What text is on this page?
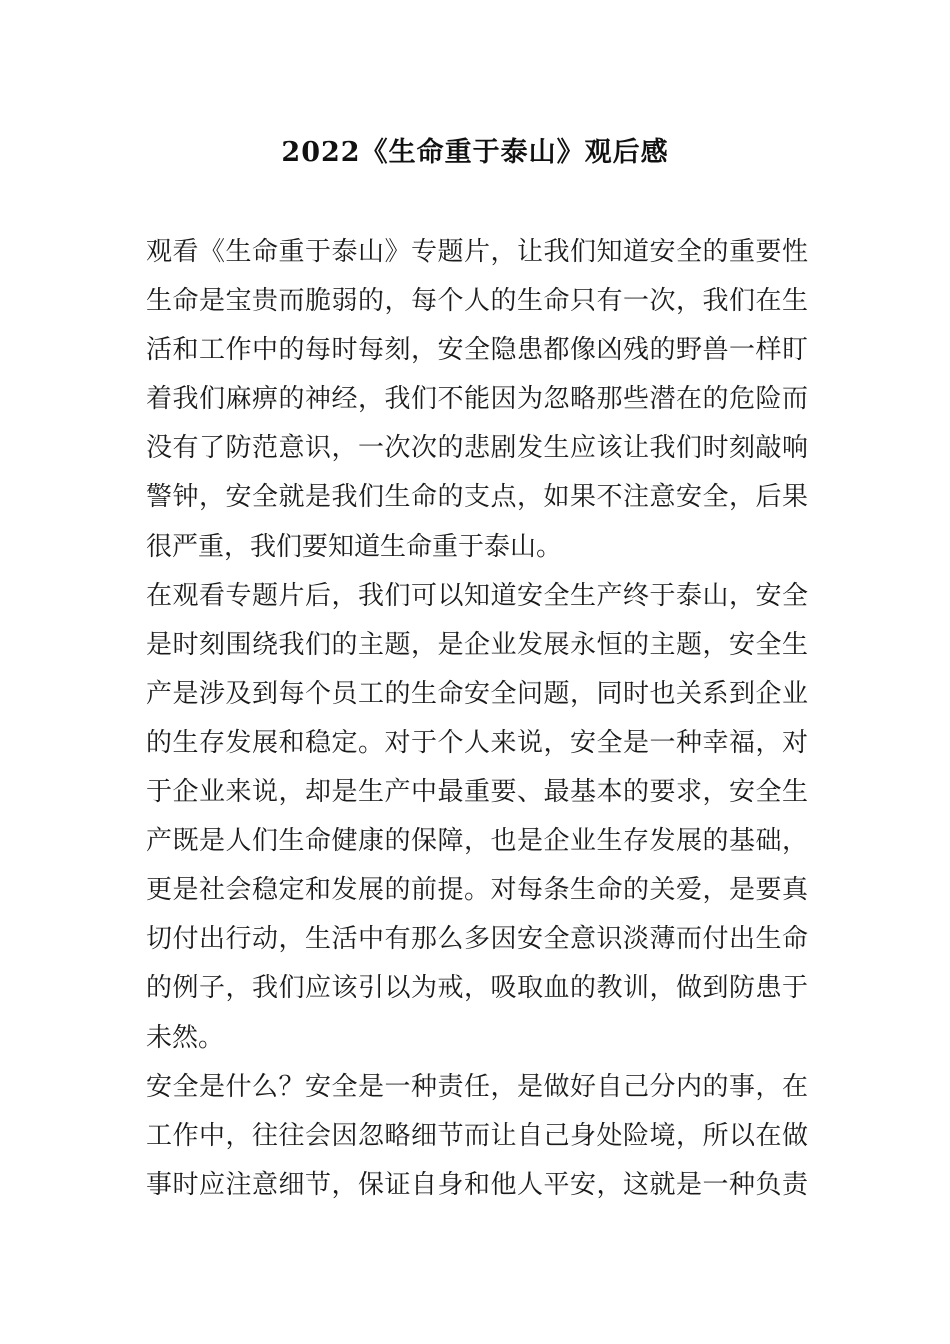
2022《生命重于泰山》观后感
观看《生命重于泰山》专题片，让我们知道安全的重要性
生命是宝贵而脆弱的，每个人的生命只有一次，我们在生
活和工作中的每时每刻，安全隐患都像凶残的野兽一样盯
着我们麻痹的神经，我们不能因为忽略那些潜在的危险而
没有了防范意识，一次次的悲剧发生应该让我们时刻敲响
警钟，安全就是我们生命的支点，如果不注意安全，后果
很严重，我们要知道生命重于泰山。
在观看专题片后，我们可以知道安全生产终于泰山，安全
是时刻围绕我们的主题，是企业发展永恒的主题，安全生
产是涉及到每个员工的生命安全问题，同时也关系到企业
的生存发展和稳定。对于个人来说，安全是一种幸福，对
于企业来说，却是生产中最重要、最基本的要求，安全生
产既是人们生命健康的保障，也是企业生存发展的基础，
更是社会稳定和发展的前提。对每条生命的关爱，是要真
切付出行动，生活中有那么多因安全意识淡薄而付出生命
的例子，我们应该引以为戒，吸取血的教训，做到防患于
未然。
安全是什么？安全是一种责任，是做好自己分内的事，在
工作中，往往会因忽略细节而让自己身处险境，所以在做
事时应注意细节，保证自身和他人平安，这就是一种负责
